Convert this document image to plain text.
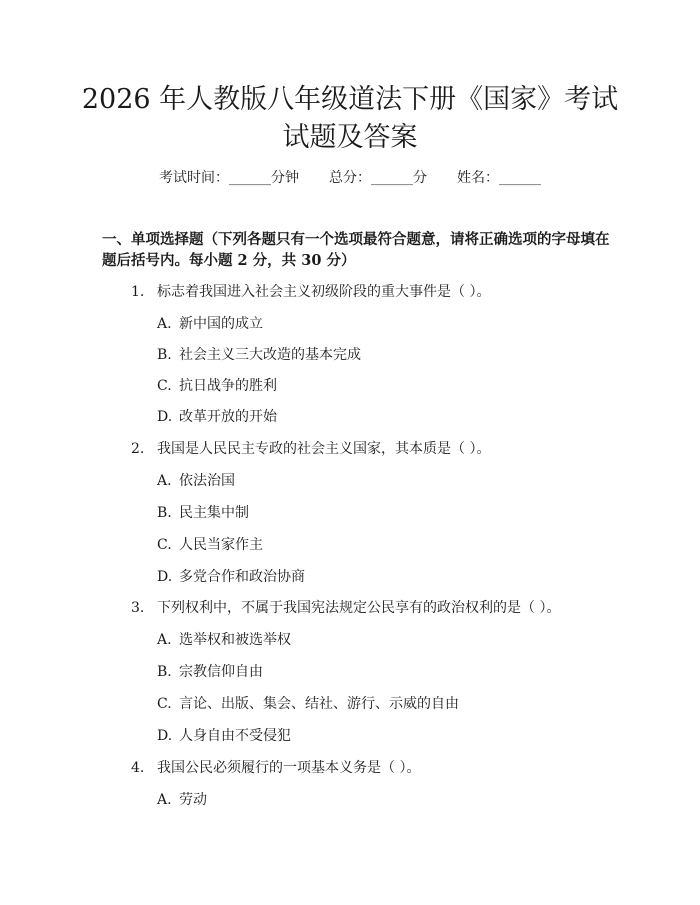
2026 年人教版八年级道法下册《国家》考试
试题及答案
考试时间：______分钟 总分：______分 姓名：______
一、单项选择题（下列各题只有一个选项最符合题意，请将正确选项的字母填在
题后括号内。每小题 2 分，共 30 分）
1. 标志着我国进入社会主义初级阶段的重大事件是（ ）。
A. 新中国的成立
B. 社会主义三大改造的基本完成
C. 抗日战争的胜利
D. 改革开放的开始
2. 我国是人民民主专政的社会主义国家，其本质是（ ）。
A. 依法治国
B. 民主集中制
C. 人民当家作主
D. 多党合作和政治协商
3. 下列权利中，不属于我国宪法规定公民享有的政治权利的是（ ）。
A. 选举权和被选举权
B. 宗教信仰自由
C. 言论、出版、集会、结社、游行、示威的自由
D. 人身自由不受侵犯
4. 我国公民必须履行的一项基本义务是（ ）。
A. 劳动
